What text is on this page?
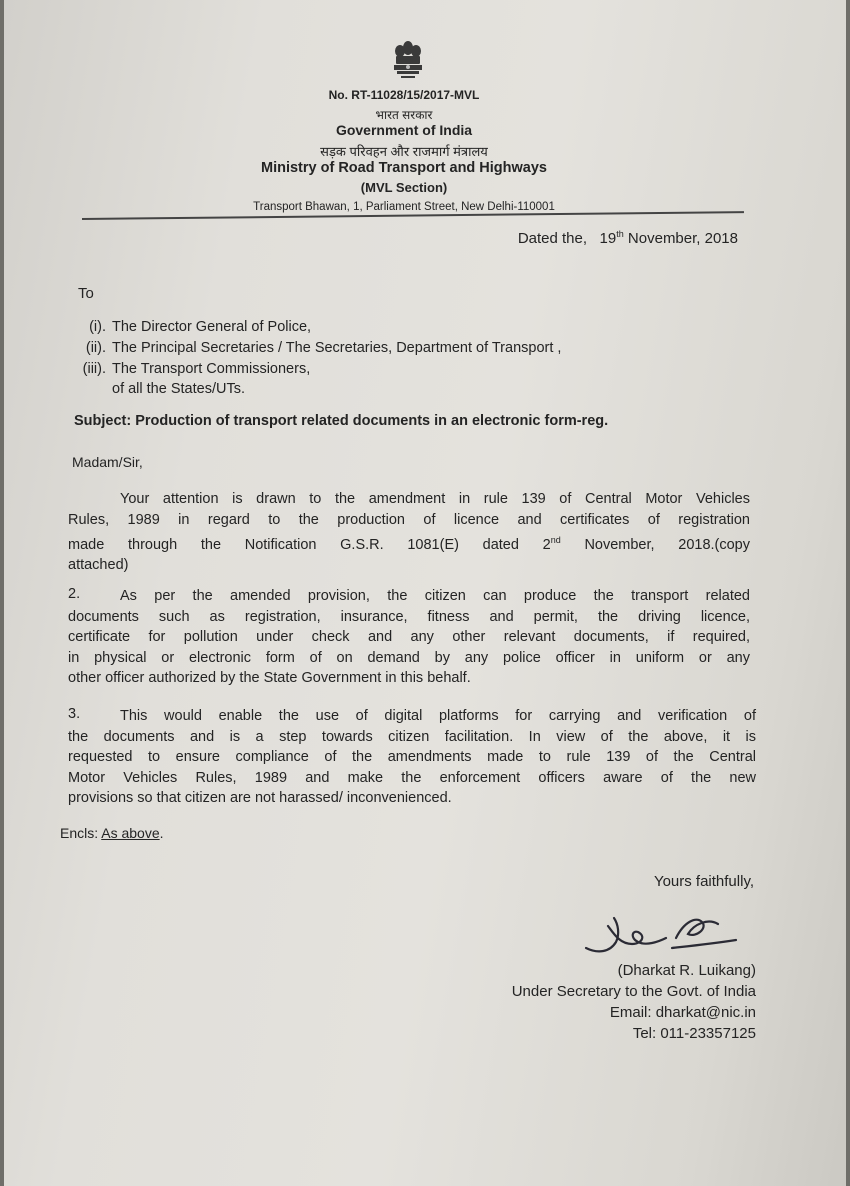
No. RT-11028/15/2017-MVL
भारत सरकार
Government of India
सड़क परिवहन और राजमार्ग मंत्रालय
Ministry of Road Transport and Highways
(MVL Section)
Transport Bhawan, 1, Parliament Street, New Delhi-110001
Dated the, 19th November, 2018
To
(i). The Director General of Police,
(ii). The Principal Secretaries / The Secretaries, Department of Transport ,
(iii). The Transport Commissioners,
of all the States/UTs.
Subject: Production of transport related documents in an electronic form-reg.
Madam/Sir,
Your attention is drawn to the amendment in rule 139 of Central Motor Vehicles
Rules, 1989 in regard to the production of licence and certificates of registration
made through the Notification G.S.R. 1081(E) dated 2nd November, 2018.(copy
attached)
2.	As per the amended provision, the citizen can produce the transport related
documents such as registration, insurance, fitness and permit, the driving licence,
certificate for pollution under check and any other relevant documents, if required,
in physical or electronic form of on demand by any police officer in uniform or any
other officer authorized by the State Government in this behalf.
3.	This would enable the use of digital platforms for carrying and verification of
the documents and is a step towards citizen facilitation. In view of the above, it is
requested to ensure compliance of the amendments made to rule 139 of the Central
Motor Vehicles Rules, 1989 and make the enforcement officers aware of the new
provisions so that citizen are not harassed/ inconvenienced.
Encls: As above.
Yours faithfully,
(Dharkat R. Luikang)
Under Secretary to the Govt. of India
Email: dharkat@nic.in
Tel: 011-23357125
